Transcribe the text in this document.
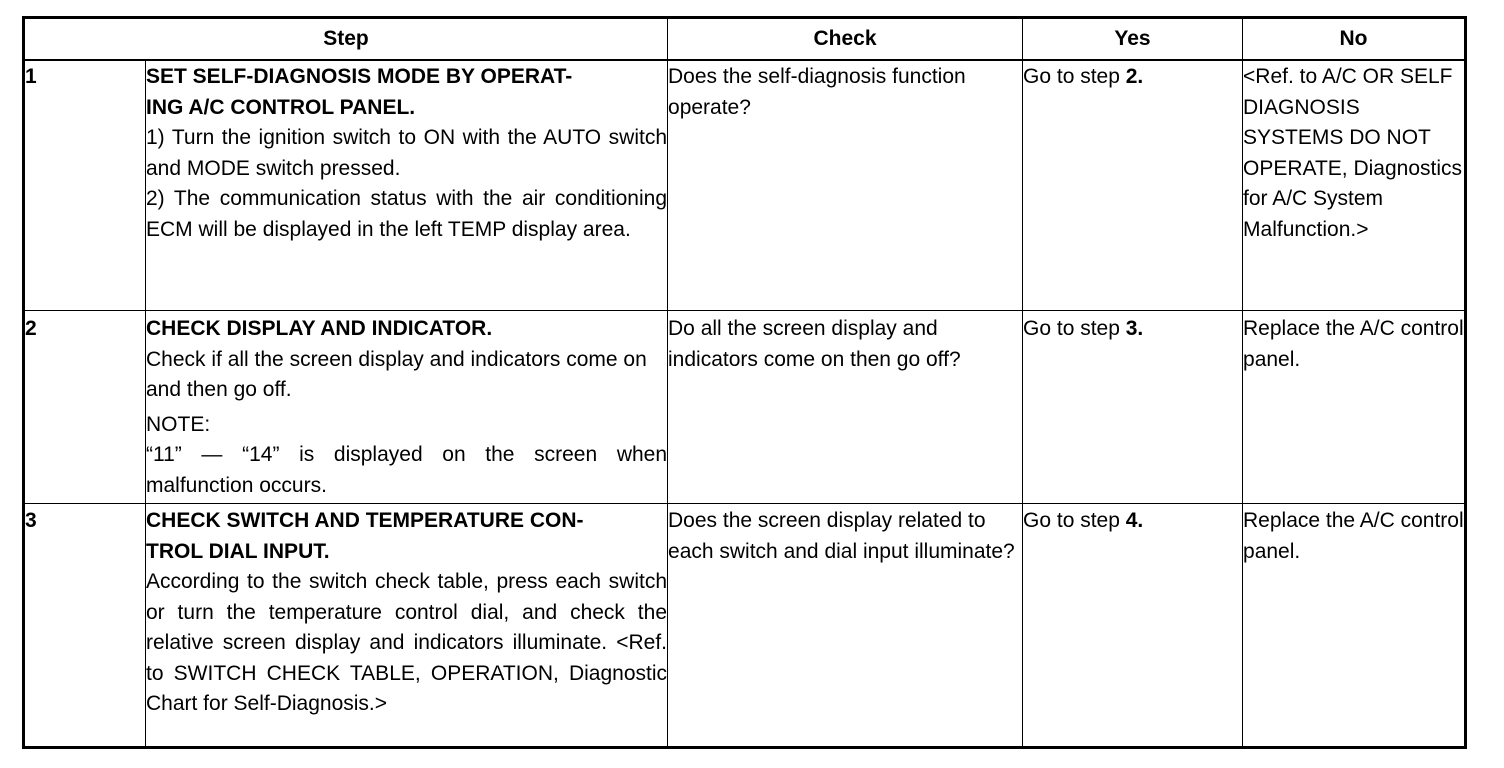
Step		Check	Yes	No
1	SET SELF-DIAGNOSIS MODE BY OPERAT-
ING A/C CONTROL PANEL.
1) Turn the ignition switch to ON with the AUTO switch and MODE switch pressed.
2) The communication status with the air conditioning ECM will be displayed in the left TEMP display area.	Does the self-diagnosis function operate?	Go to step 2.	<Ref. to A/C OR SELF DIAGNOSIS SYSTEMS DO NOT OPERATE, Diagnostics for A/C System Malfunction.>
2	CHECK DISPLAY AND INDICATOR.
Check if all the screen display and indicators come on and then go off.
NOTE:
“11” — “14” is displayed on the screen when malfunction occurs.	Do all the screen display and indicators come on then go off?	Go to step 3.	Replace the A/C control panel.
3	CHECK SWITCH AND TEMPERATURE CON-
TROL DIAL INPUT.
According to the switch check table, press each switch or turn the temperature control dial, and check the relative screen display and indicators illuminate. <Ref. to SWITCH CHECK TABLE, OPERATION, Diagnostic Chart for Self-Diagnosis.>	Does the screen display related to each switch and dial input illuminate?	Go to step 4.	Replace the A/C control panel.
